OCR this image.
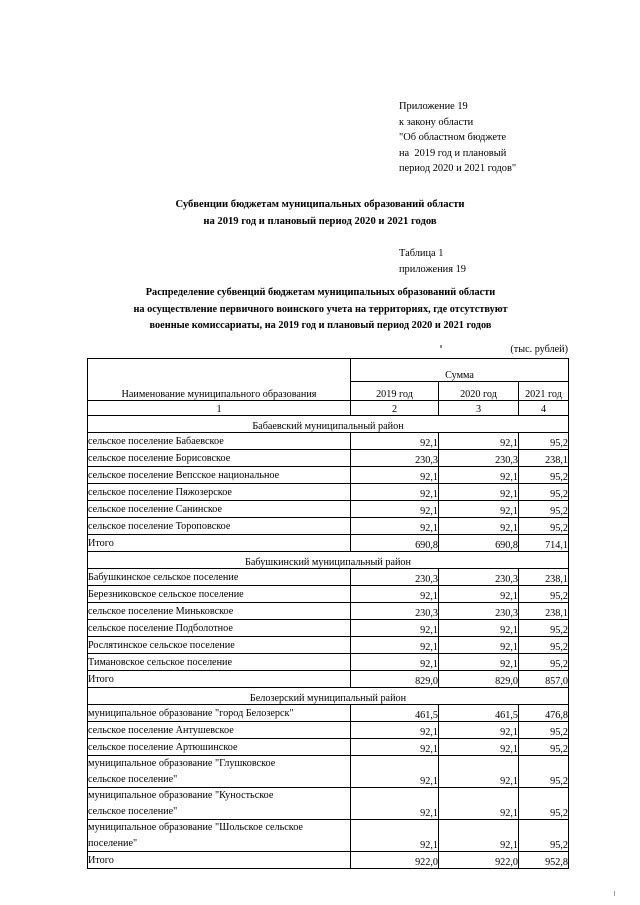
Приложение 19
к закону области
"Об областном бюджете
на  2019 год и плановый
период 2020 и 2021 годов"
Субвенции бюджетам муниципальных образований области
на 2019 год и плановый период 2020 и 2021 годов
Таблица 1
приложения 19
Распределение субвенций бюджетам муниципальных образований области
на осуществление первичного воинского учета на территориях, где отсутствуют
военные комиссариаты, на 2019 год и плановый период 2020 и 2021 годов
(тыс. рублей)
Наименование муниципального образования	Сумма		
	2019 год	2020 год	2021 год
1	2	3	4
Бабаевский муниципальный район			
сельское поселение Бабаевское	92,1	92,1	95,2
сельское поселение Борисовское	230,3	230,3	238,1
сельское поселение Вепсское национальное	92,1	92,1	95,2
сельское поселение Пяжозерское	92,1	92,1	95,2
сельское поселение Санинское	92,1	92,1	95,2
сельское поселение Тороповское	92,1	92,1	95,2
Итого	690,8	690,8	714,1
Бабушкинский муниципальный район			
Бабушкинское сельское поселение	230,3	230,3	238,1
Березниковское сельское поселение	92,1	92,1	95,2
сельское поселение Миньковское	230,3	230,3	238,1
сельское поселение Подболотное	92,1	92,1	95,2
Рослятинское сельское поселение	92,1	92,1	95,2
Тимановское сельское поселение	92,1	92,1	95,2
Итого	829,0	829,0	857,0
Белозерский муниципальный район			
муниципальное образование "город Белозерск"	461,5	461,5	476,8
сельское поселение Антушевское	92,1	92,1	95,2
сельское поселение Артюшинское	92,1	92,1	95,2

муниципальное образование "Глушковское
сельское поселение"	92,1	92,1	95,2

муниципальное образование "Куностьское
сельское поселение"	92,1	92,1	95,2

муниципальное образование "Шольское сельское
поселение"	92,1	92,1	95,2
Итого	922,0	922,0	952,8
